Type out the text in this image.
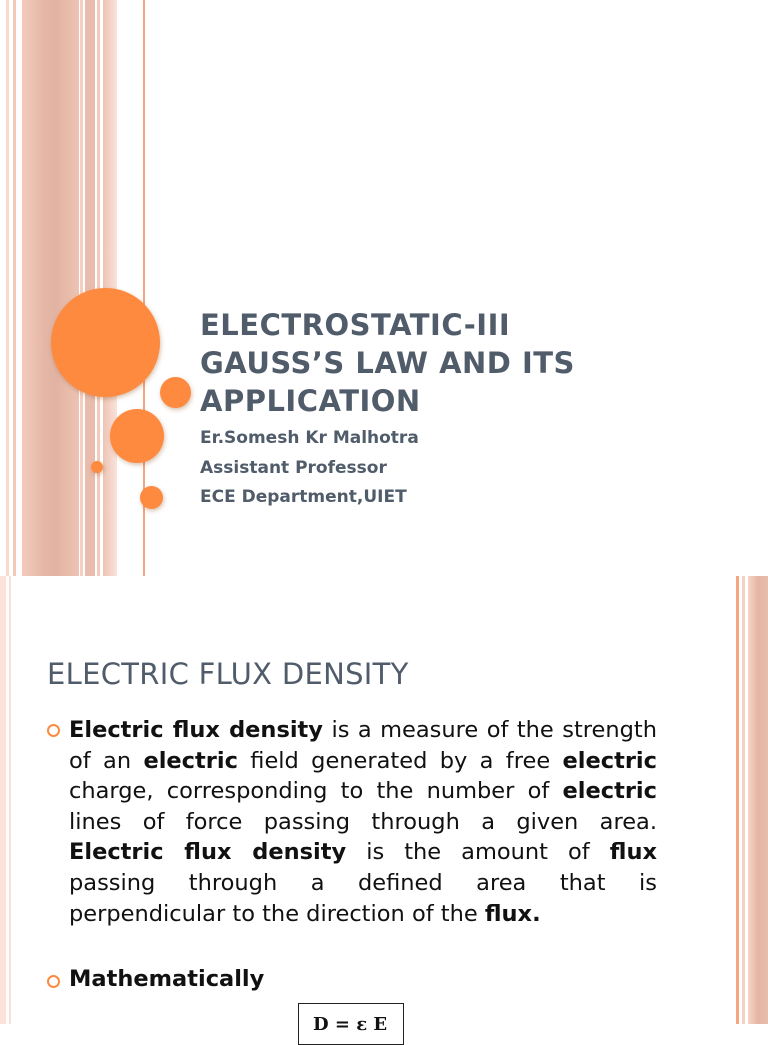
ELECTROSTATIC-III
GAUSS’S LAW AND ITS
APPLICATION
Er.Somesh Kr Malhotra
Assistant Professor
ECE Department,UIET
ELECTRIC FLUX DENSITY
Electric flux density is a measure of the strength of an electric field generated by a free electric charge, corresponding to the number of electric lines of force passing through a given area. Electric flux density is the amount of flux passing through a defined area that is perpendicular to the direction of the flux.
Mathematically
D = ε E
